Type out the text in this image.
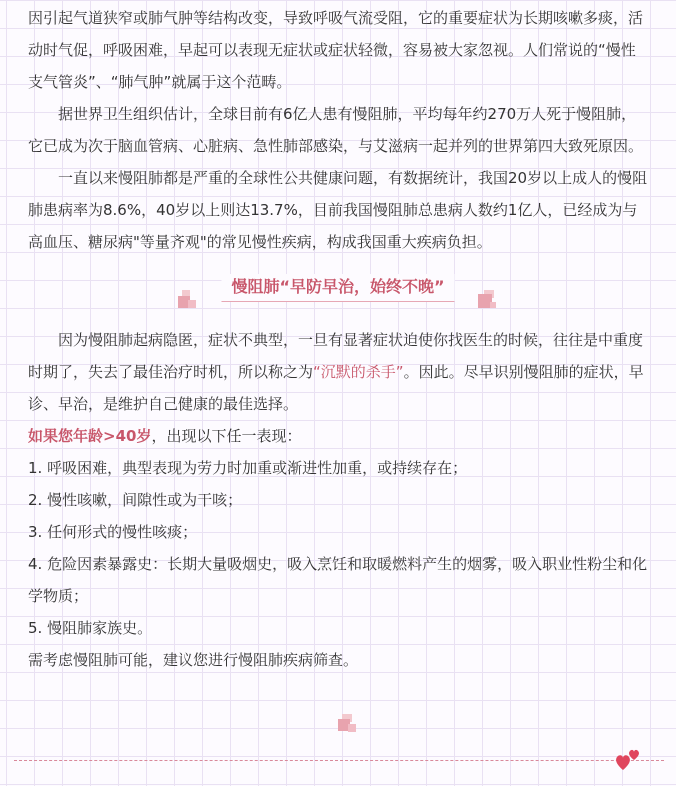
因引起气道狭窄或肺气肿等结构改变，导致呼吸气流受阻，它的重要症状为长期咳嗽多痰，活动时气促，呼吸困难，早起可以表现无症状或症状轻微，容易被大家忽视。人们常说的“慢性支气管炎”、“肺气肿”就属于这个范畴。

据世界卫生组织估计，全球目前有6亿人患有慢阻肺，平均每年约270万人死于慢阻肺，它已成为次于脑血管病、心脏病、急性肺部感染，与艾滋病一起并列的世界第四大致死原因。

一直以来慢阻肺都是严重的全球性公共健康问题，有数据统计，我国20岁以上成人的慢阻肺患病率为8.6%，40岁以上则达13.7%，目前我国慢阻肺总患病人数约1亿人，已经成为与高血压、糖尿病"等量齐观"的常见慢性疾病，构成我国重大疾病负担。

慢阻肺“早防早治，始终不晚”

因为慢阻肺起病隐匿，症状不典型，一旦有显著症状迫使你找医生的时候，往往是中重度时期了，失去了最佳治疗时机，所以称之为“沉默的杀手”。因此。尽早识别慢阻肺的症状，早诊、早治，是维护自己健康的最佳选择。

如果您年龄>40岁，出现以下任一表现：

1. 呼吸困难，典型表现为劳力时加重或渐进性加重，或持续存在；

2. 慢性咳嗽，间隙性或为干咳；

3. 任何形式的慢性咳痰；

4. 危险因素暴露史：长期大量吸烟史，吸入烹饪和取暖燃料产生的烟雾，吸入职业性粉尘和化学物质；

5. 慢阻肺家族史。

需考虑慢阻肺可能，建议您进行慢阻肺疾病筛查。
